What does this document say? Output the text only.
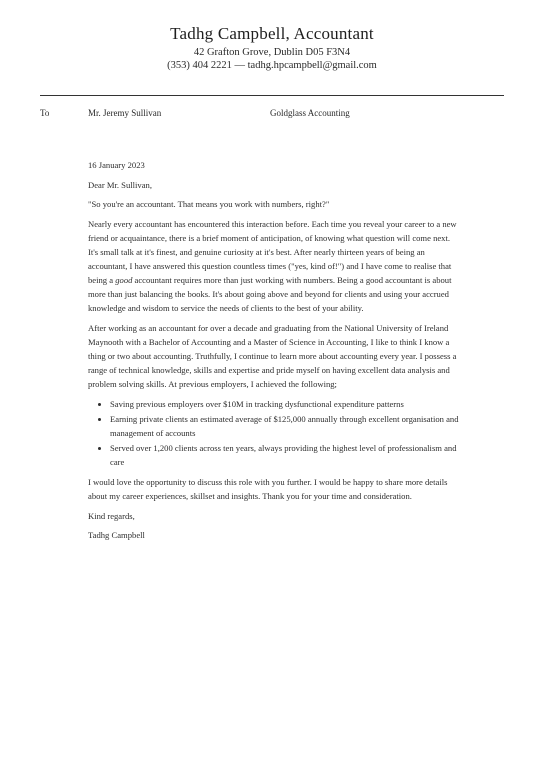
Tadhg Campbell, Accountant
42 Grafton Grove, Dublin D05 F3N4
(353) 404 2221 — tadhg.hpcampbell@gmail.com
To	Mr. Jeremy Sullivan	Goldglass Accounting

16 January 2023

Dear Mr. Sullivan,

"So you're an accountant. That means you work with numbers, right?"

Nearly every accountant has encountered this interaction before. Each time you reveal your career to a new friend or acquaintance, there is a brief moment of anticipation, of knowing what question will come next. It's small talk at it's finest, and genuine curiosity at it's best. After nearly thirteen years of being an accountant, I have answered this question countless times ("yes, kind of!") and I have come to realise that being a good accountant requires more than just working with numbers. Being a good accountant is about more than just balancing the books. It's about going above and beyond for clients and using your accrued knowledge and wisdom to service the needs of clients to the best of your ability.

After working as an accountant for over a decade and graduating from the National University of Ireland Maynooth with a Bachelor of Accounting and a Master of Science in Accounting, I like to think I know a thing or two about accounting. Truthfully, I continue to learn more about accounting every year. I possess a range of technical knowledge, skills and expertise and pride myself on having excellent data analysis and problem solving skills. At previous employers, I achieved the following;

• Saving previous employers over $10M in tracking dysfunctional expenditure patterns
• Earning private clients an estimated average of $125,000 annually through excellent organisation and management of accounts
• Served over 1,200 clients across ten years, always providing the highest level of professionalism and care

I would love the opportunity to discuss this role with you further. I would be happy to share more details about my career experiences, skillset and insights. Thank you for your time and consideration.

Kind regards,

Tadhg Campbell
